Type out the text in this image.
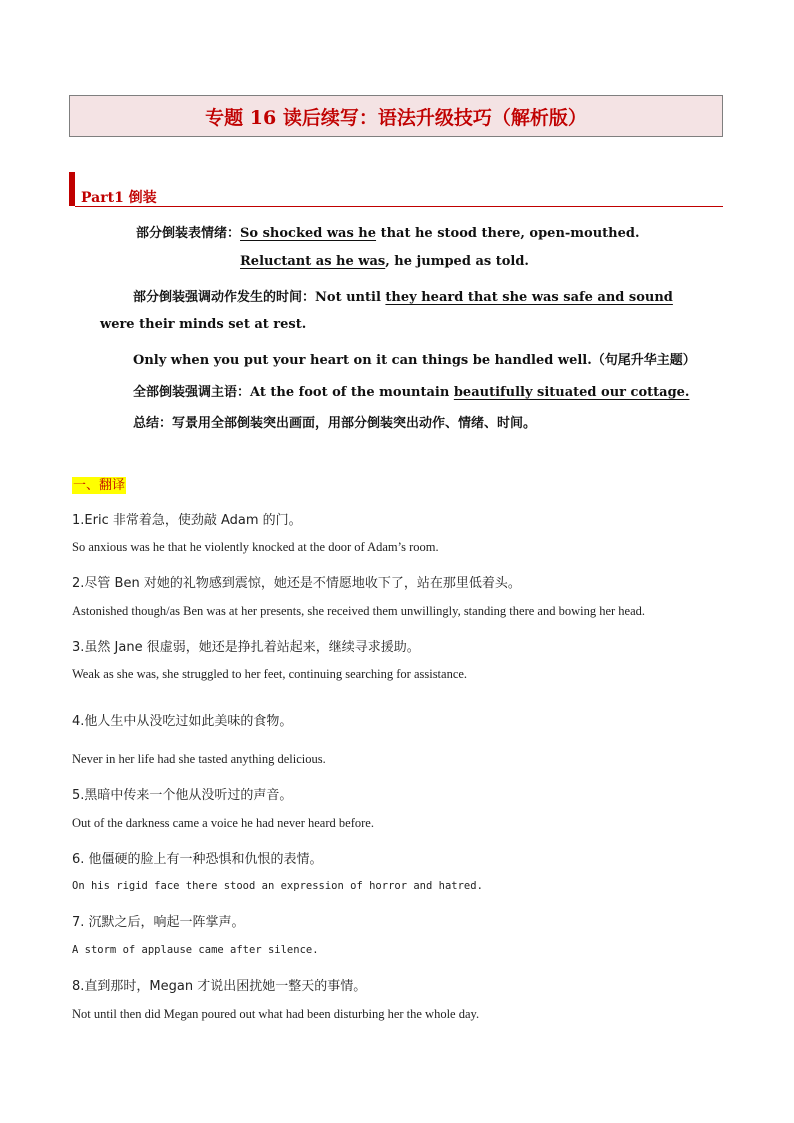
专题 16 读后续写：语法升级技巧（解析版）
Part1 倒装
部分倒装表情绪：So shocked was he that he stood there, open-mouthed.
Reluctant as he was, he jumped as told.
部分倒装强调动作发生的时间：Not until they heard that she was safe and sound
were their minds set at rest.
Only when you put your heart on it can things be handled well.（句尾升华主题）
全部倒装强调主语：At the foot of the mountain beautifully situated our cottage.
总结：写景用全部倒装突出画面，用部分倒装突出动作、情绪、时间。
一、翻译
1.Eric 非常着急，使劲敲 Adam 的门。
So anxious was he that he violently knocked at the door of Adam’s room.
2.尽管 Ben 对她的礼物感到震惊，她还是不情愿地收下了，站在那里低着头。
Astonished though/as Ben was at her presents, she received them unwillingly, standing there and bowing her head.
3.虽然 Jane 很虚弱，她还是挣扎着站起来，继续寻求援助。
Weak as she was, she struggled to her feet, continuing searching for assistance.
4.他人生中从没吃过如此美味的食物。
Never in her life had she tasted anything delicious.
5.黑暗中传来一个他从没听过的声音。
Out of the darkness came a voice he had never heard before.
6. 他僵硬的脸上有一种恐惧和仇恨的表情。
On his rigid face there stood an expression of horror and hatred.
7. 沉默之后，响起一阵掌声。
A storm of applause came after silence.
8.直到那时，Megan 才说出困扰她一整天的事情。
Not until then did Megan poured out what had been disturbing her the whole day.
